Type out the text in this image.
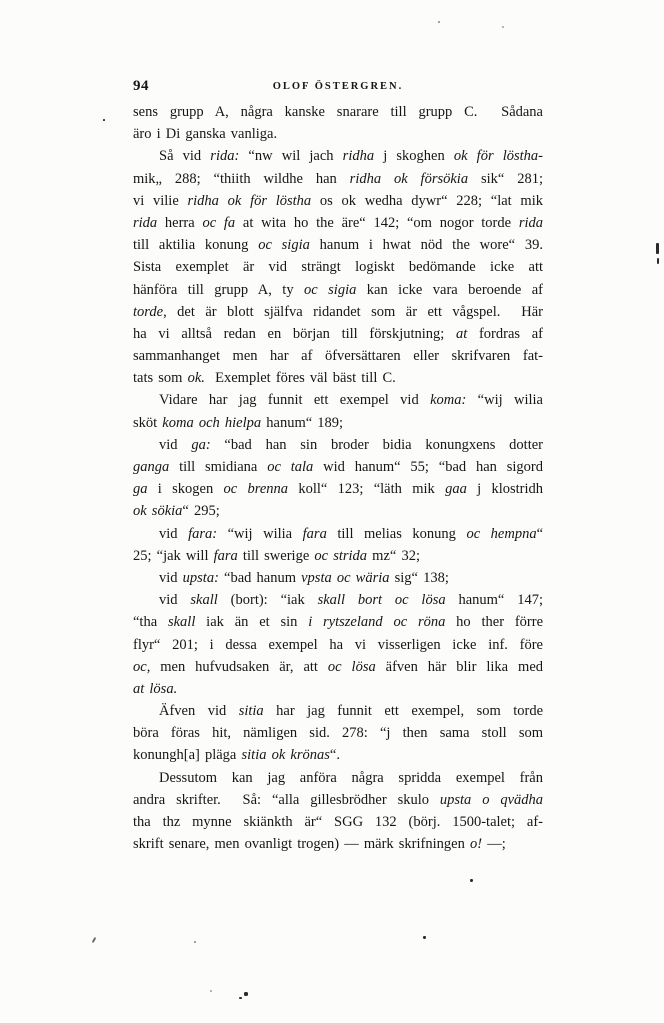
94	OLOF ÖSTERGREN.
sens grupp A, några kanske snarare till grupp C.  Sådana
äro i Di ganska vanliga.
Så vid rida: “nw wil jach ridha j skoghen ok för löstha-
mik„ 288; “thiith wildhe han ridha ok försökia sik“ 281;
vi vilie ridha ok för löstha os ok wedha dywr“ 228; “lat mik
rida herra oc fa at wita ho the äre“ 142; “om nogor torde rida
till aktilia konung oc sigia hanum i hwat nöd the wore“ 39.
Sista exemplet är vid strängt logiskt bedömande icke att
hänföra till grupp A, ty oc sigia kan icke vara beroende af
torde, det är blott själfva ridandet som är ett vågspel.  Här
ha vi alltså redan en början till förskjutning; at fordras af
sammanhanget men har af öfversättaren eller skrifvaren fat-
tats som ok.  Exemplet föres väl bäst till C.
Vidare har jag funnit ett exempel vid koma: “wij wilia
sköt koma och hielpa hanum“ 189;
vid ga: “bad han sin broder bidia konungxens dotter
ganga till smidiana oc tala wid hanum“ 55; “bad han sigord
ga i skogen oc brenna koll“ 123; “läth mik gaa j klostridh
ok sökia“ 295;
vid fara: “wij wilia fara till melias konung oc hempna“
25; “jak will fara till swerige oc strida mz“ 32;
vid upsta: “bad hanum vpsta oc wäria sig“ 138;
vid skall (bort): “iak skall bort oc lösa hanum“ 147;
“tha skall iak än et sin i rytszeland oc röna ho ther förre
flyr“ 201; i dessa exempel ha vi visserligen icke inf. före
oc, men hufvudsaken är, att oc lösa äfven här blir lika med
at lösa.
Äfven vid sitia har jag funnit ett exempel, som torde
böra föras hit, nämligen sid. 278: “j then sama stoll som
konungh[a] pläga sitia ok krönas“.
Dessutom kan jag anföra några spridda exempel från
andra skrifter.  Så: “alla gillesbrödher skulo upsta o qvädha
tha thz mynne skiänkth är“ SGG 132 (börj. 1500-talet; af-
skrift senare, men ovanligt trogen) — märk skrifningen o! —;
